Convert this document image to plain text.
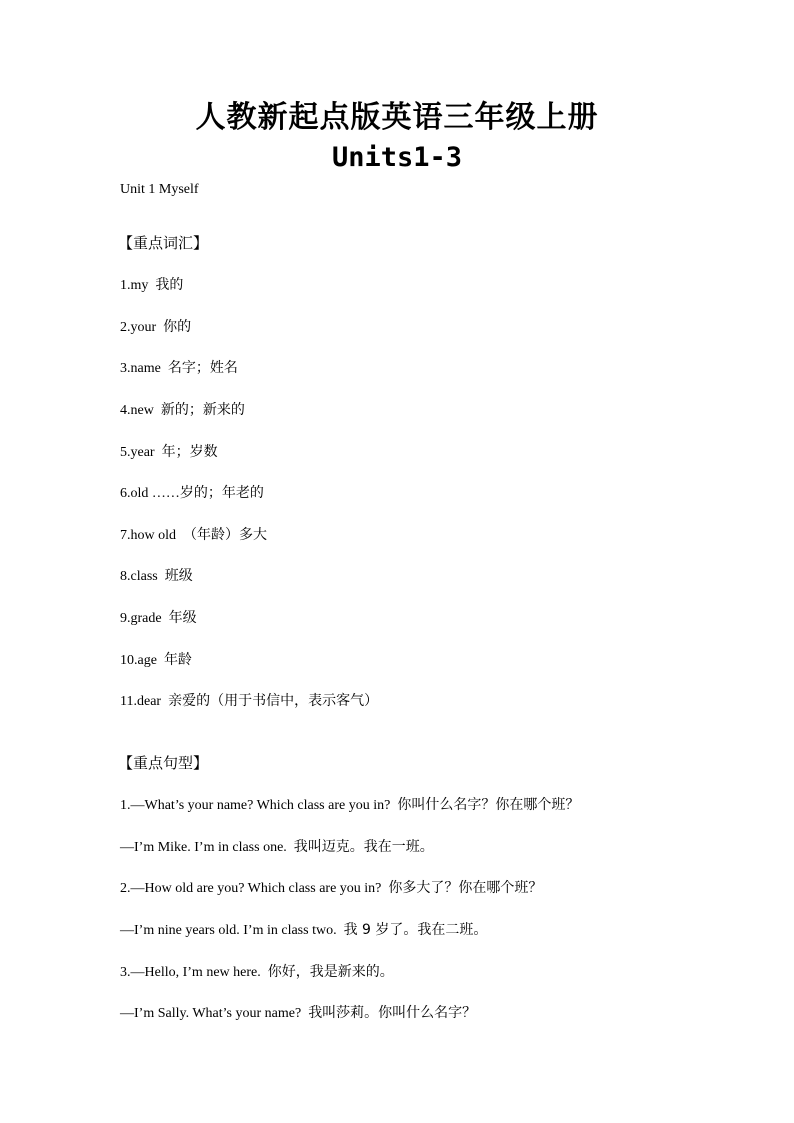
人教新起点版英语三年级上册
Units1-3
Unit 1 Myself
【重点词汇】
1.my 我的
2.your 你的
3.name 名字；姓名
4.new 新的；新来的
5.year 年；岁数
6.old ……岁的；年老的
7.how old （年龄）多大
8.class 班级
9.grade 年级
10.age 年龄
11.dear 亲爱的（用于书信中，表示客气）
【重点句型】
1.—What’s your name? Which class are you in? 你叫什么名字？你在哪个班？
—I’m Mike. I’m in class one. 我叫迈克。我在一班。
2.—How old are you? Which class are you in? 你多大了？你在哪个班？
—I’m nine years old. I’m in class two. 我 9 岁了。我在二班。
3.—Hello, I’m new here. 你好，我是新来的。
—I’m Sally. What’s your name? 我叫莎莉。你叫什么名字？
